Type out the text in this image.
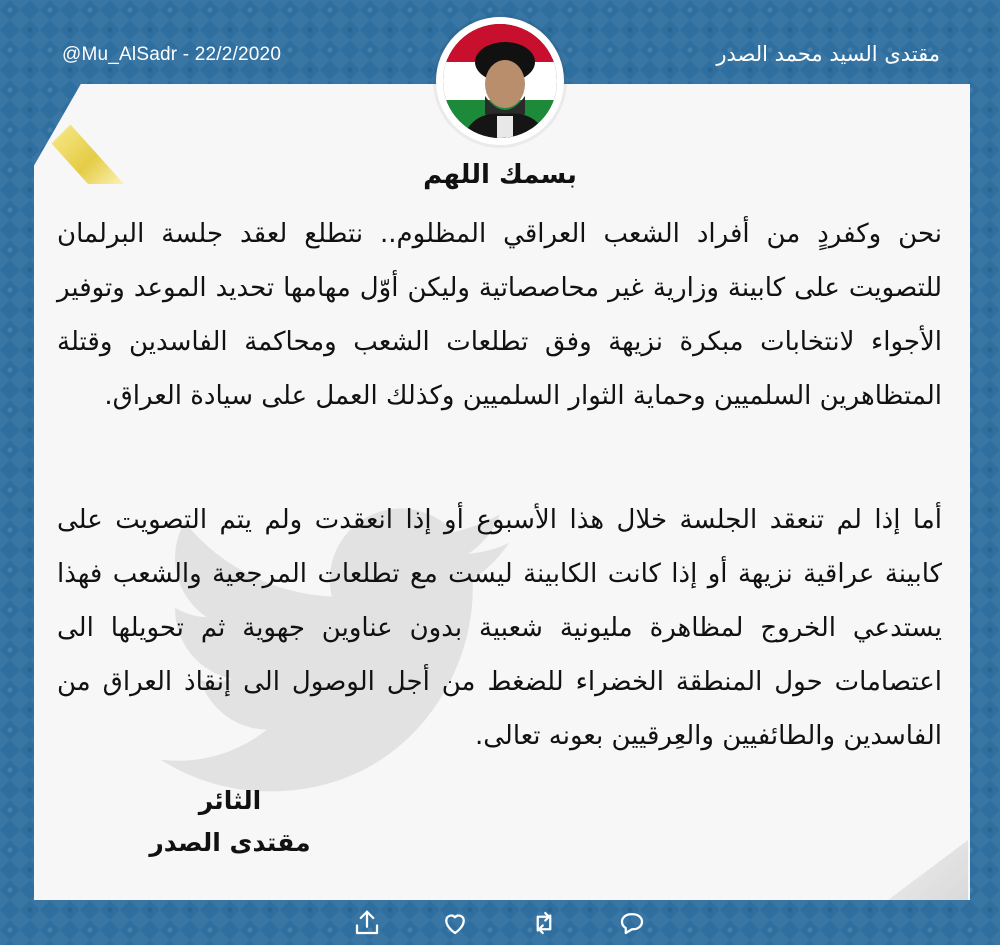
@Mu_AlSadr - 22/2/2020	مقتدى السيد محمد الصدر
بسمك اللهم
نحن وكفردٍ من أفراد الشعب العراقي المظلوم.. نتطلع لعقد جلسة البرلمان للتصويت على كابينة وزارية غير محاصصاتية وليكن أوّل مهامها تحديد الموعد وتوفير الأجواء لانتخابات مبكرة نزيهة وفق تطلعات الشعب ومحاكمة الفاسدين وقتلة المتظاهرين السلميين وحماية الثوار السلميين وكذلك العمل على سيادة العراق.
أما إذا لم تنعقد الجلسة خلال هذا الأسبوع أو إذا انعقدت ولم يتم التصويت على كابينة عراقية نزيهة أو إذا كانت الكابينة ليست مع تطلعات المرجعية والشعب فهذا يستدعي الخروج لمظاهرة مليونية شعبية بدون عناوين جهوية ثم تحويلها الى اعتصامات حول المنطقة الخضراء للضغط من أجل الوصول الى إنقاذ العراق من الفاسدين والطائفيين والعِرقيين بعونه تعالى.
الثائر
مقتدى الصدر
